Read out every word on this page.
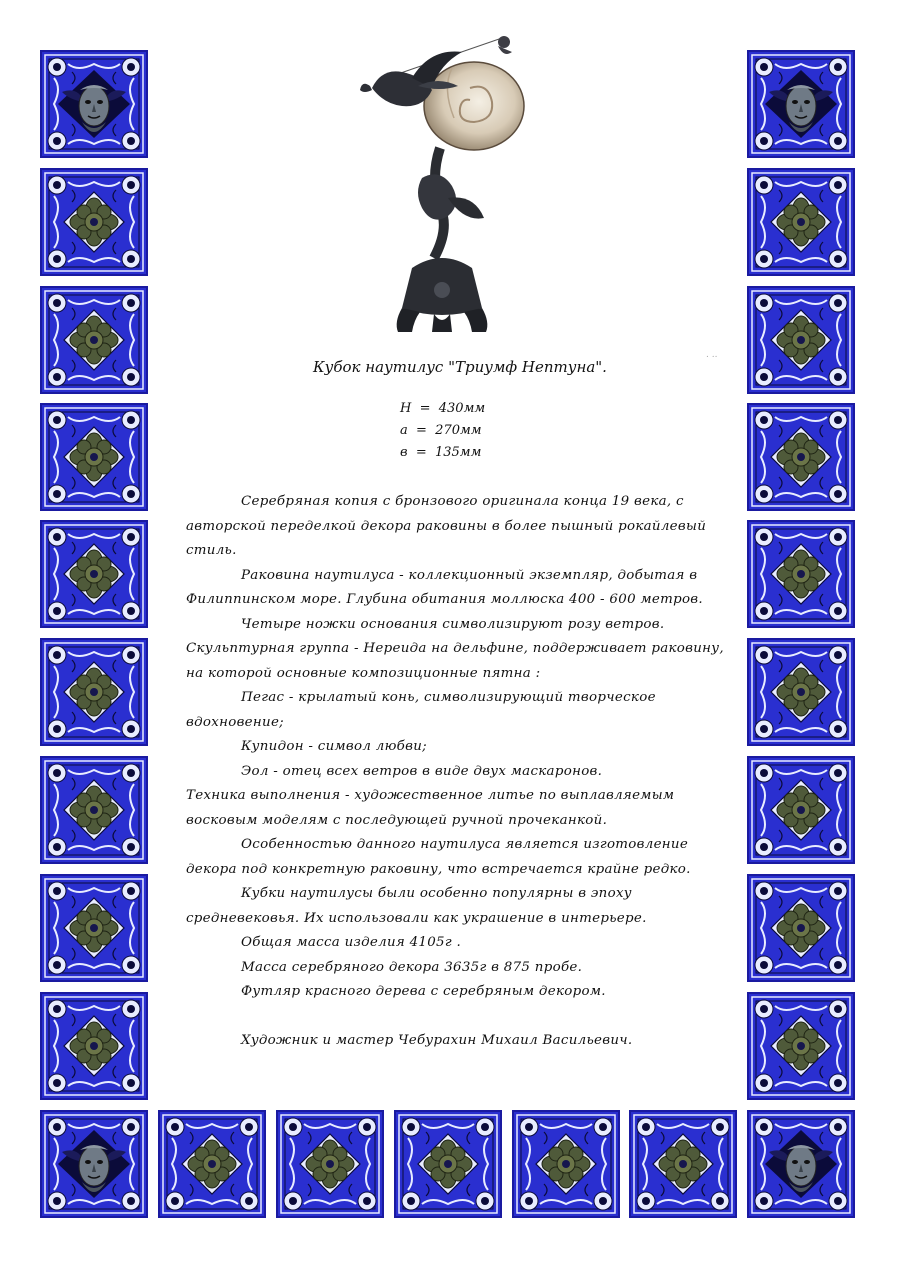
. ..
Кубок наутилус "Триумф Нептуна".
Н  =  430мм
а  =  270мм
в  =  135мм

Серебряная копия с бронзового оригинала конца 19 века, с авторской переделкой декора раковины в более пышный рокайлевый стиль.

Раковина наутилуса - коллекционный экземпляр, добытая в Филиппинском море. Глубина обитания моллюска 400 - 600 метров.

Четыре ножки основания символизируют розу ветров.

Скульптурная группа - Нереида на дельфине, поддерживает раковину, на которой основные композиционные пятна :

Пегас - крылатый конь, символизирующий творческое вдохновение;

Купидон - символ любви;

Эол - отец всех ветров в виде двух маскаронов.

Техника выполнения - художественное литье по выплавляемым восковым моделям с последующей ручной прочеканкой.

Особенностью данного наутилуса является изготовление декора под конкретную раковину, что встречается крайне редко.

Кубки наутилусы были особенно популярны в эпоху средневековья. Их использовали как украшение в интерьере.

Общая масса изделия 4105г .

Масса серебряного декора 3635г в 875 пробе.

Футляр красного дерева с серебряным декором.

Художник и мастер Чебурахин Михаил Васильевич.
